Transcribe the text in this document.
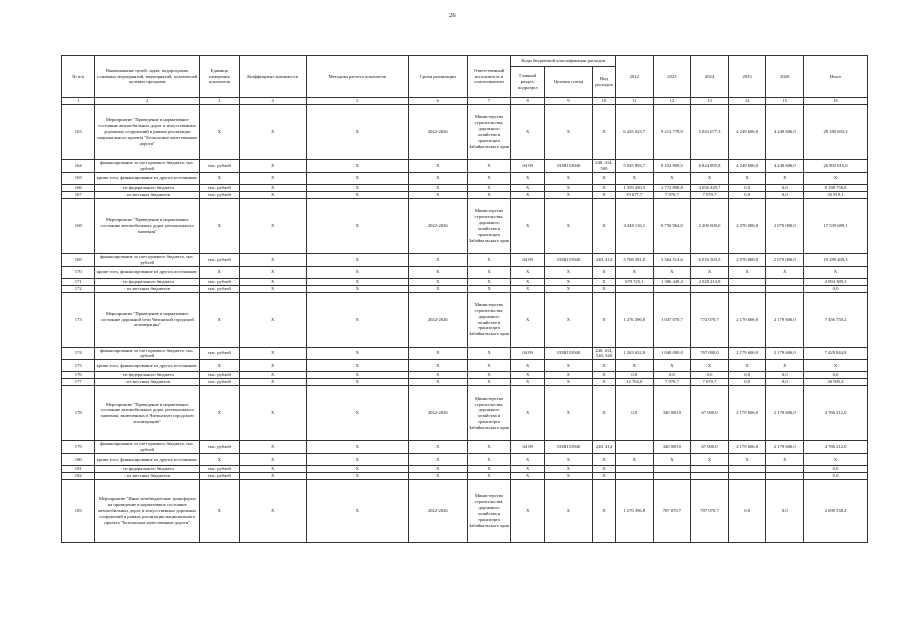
26
№ п/п	Наименование целей, задач, подпрограмм, основных мероприятий, мероприятий, показателей целевых программ	Единица измерения показателя	Коэффициент значимости	Методика расчета показателя	Сроки реализации	Ответственный исполнитель и соисполнители	Коды бюджетной классификации расходов			2022	2023	2024	2025	2026	Итого
							Главный раздел, подраздел	Целевая статья	Вид расходов						
1	2	3	4	5	6	7	8	9	10	11	12	13	14	15	16
163	Мероприятие "Приведение в нормативное состояние автомобильных дорог и искусственных дорожных сооружений в рамках реализации национального проекта "Безопасные качественные дороги"	X	X	X	2022-2026	Министерство строительства, дорожного хозяйства и транспорта Забайкальского края	X	X	X	6 425 023,7	9 212 778,9	5 043 677,3	4 249 606,0	4 249 606,0	29 180 692,3
164	финансирование за счет краевого бюджета, тыс. рублей	тыс. рублей	X	X	X	X	04 09	333R153940	240, 414, 500	5 045 893,7	8 432 809,5	6 824 895,8	4 249 606,0	4 249 606,0	26 802 815,0
165	кроме того, финансирование из других источников:	X	X	X	X	X	X	X	X	X	X	X	X	X	X
166	- из федерального бюджета	тыс. рублей	X	X	X	X	X	X	X	1 359 430,5	2 772 898,8	4 056 429,7	0,0	0,0	8 188 758,8
167	- из местных бюджетов	тыс. рублей	X	X	X	X	X	X	X	19 677,7	7 070,7	7 070,7	0,0	0,0	35 819,1
168	Мероприятие "Приведение в нормативное состояние автомобильных дорог регионального значения"	X	X	X	2022-2026	Министерство строительства, дорожного хозяйства и транспорта Забайкальского края	X	X	X	4 448 116,1	6 750 964,0	2 200 609,0	2 070 000,0	2 070 000,0	17 539 689,1
169	финансирование за счет краевого бюджета, тыс. рублей	тыс. рублей	X	X	X	X	04 09	333R153940	240, 414	3 768 391,0	5 364 514,6	6 016 503,5	2 070 000,0	2 070 000,0	19 289 409,3
170	кроме того, финансирование из других источников:	X	X	X	X	X	X	X	X	X	X	X	X	X	X
171	- из федерального бюджета	тыс. рублей	X	X	X	X	X	X	X	679 725,1	1 386 449,4	2 028 214,8			4 094 389,3
172	- из местных бюджетов	тыс. рублей	X	X	X	X	X	X	X						0,0
173	Мероприятие "Приведение в нормативное состояние дорожной сети Читинской городской агломерации"	X	X	X	2022-2026	Министерство строительства, дорожного хозяйства и транспорта Забайкальского края	X	X	X	1 276 396,8	1 047 070,7	774 070,7	2 179 606,0	2 179 606,0	7 456 750,2
174	финансирование за счет краевого бюджета, тыс. рублей	тыс. рублей	X	X	X	X	04 09	333R153940	240, 414, 520, 540	1 263 632,8	1 040 000,0	767 000,0	2 179 606,0	2 179 606,0	7 429 844,8
175	кроме того, финансирование из других источников:	X	X	X	X	X	X	X	X	X	X	X	X	X	X
176	- из федерального бюджета	тыс. рублей	X	X	X	X	X	X	X	0,0	0,0	0,0	0,0	0,0	0,0
177	- из местных бюджетов	тыс. рублей	X	X	X	X	X	X	X	12 764,0	7 070,7	7 070,7	0,0	0,0	26 905,4
178	Мероприятие "Приведение в нормативное состояние автомобильных дорог регионального значения, включенных в Читинскую городскую агломерацию"	X	X	X	2022-2026	Министерство строительства, дорожного хозяйства и транспорта Забайкальского края	X	X	X	0,0	340 000,0	67 000,0	2 179 606,0	2 179 606,0	4 766 212,0
179	финансирование за счет краевого бюджета, тыс. рублей	тыс. рублей	X	X	X	X	04 09	333R153940	240, 414		340 000,0	67 000,0	2 179 606,0	2 179 606,0	4 766 212,0
180	кроме того, финансирование из других источников:	X	X	X	X	X	X	X	X	X	X	X	X	X	X
181	- из федерального бюджета	тыс. рублей	X	X	X	X	X	X	X						0,0
182	- из местных бюджетов	тыс. рублей	X	X	X	X	X	X	X						0,0
183	Мероприятие "Иные межбюджетные трансферты на приведение в нормативное состояние автомобильных дорог и искусственных дорожных сооружений в рамках реализации национального проекта "Безопасные качественные дороги"	X	X	X	2022-2026	Министерство строительства, дорожного хозяйства и транспорта Забайкальского края	X	X	X	1 276 396,8	707 070,7	707 070,7	0,0	0,0	2 690 538,2
